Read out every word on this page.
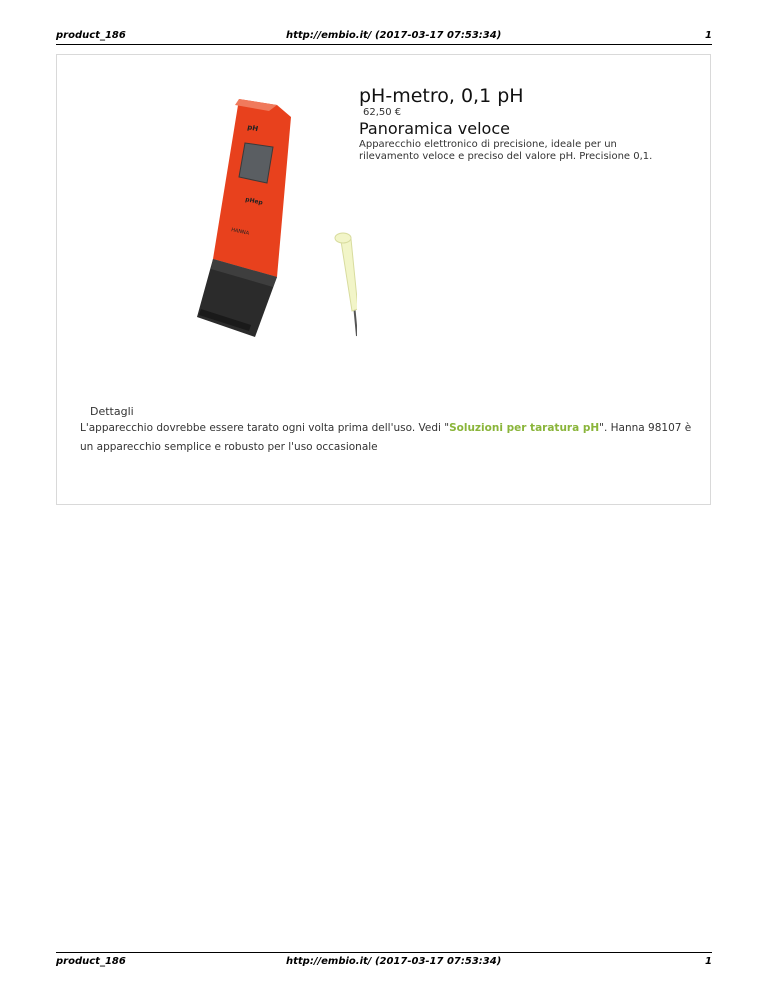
product_186	http://embio.it/ (2017-03-17 07:53:34)	1
pH
pHep
HANNA
pH-metro, 0,1 pH
62,50 €
Panoramica veloce
Apparecchio elettronico di precisione, ideale per un rilevamento veloce e preciso del valore pH. Precisione 0,1.
Dettagli
L'apparecchio dovrebbe essere tarato ogni volta prima dell'uso. Vedi "Soluzioni per taratura pH". Hanna 98107 è un apparecchio semplice e robusto per l'uso occasionale
product_186	http://embio.it/ (2017-03-17 07:53:34)	1
